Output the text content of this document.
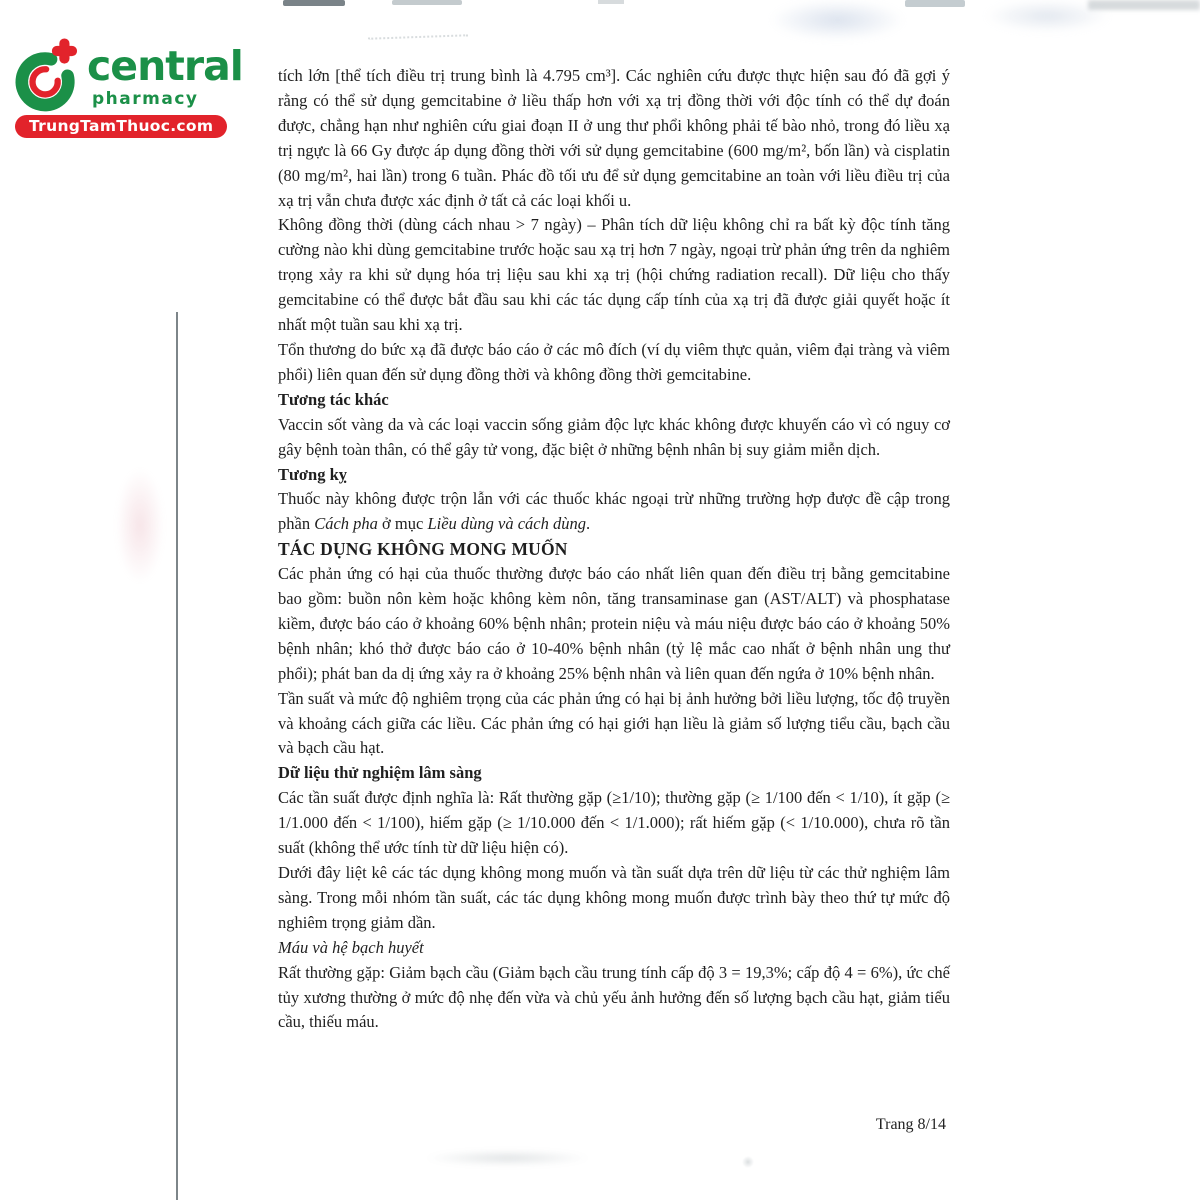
central
pharmacy
TrungTamThuoc.com

tích lớn [thể tích điều trị trung bình là 4.795 cm³]. Các nghiên cứu được thực hiện sau đó đã gợi ý rằng có thể sử dụng gemcitabine ở liều thấp hơn với xạ trị đồng thời với độc tính có thể dự đoán được, chẳng hạn như nghiên cứu giai đoạn II ở ung thư phổi không phải tế bào nhỏ, trong đó liều xạ trị ngực là 66 Gy được áp dụng đồng thời với sử dụng gemcitabine (600 mg/m², bốn lần) và cisplatin (80 mg/m², hai lần) trong 6 tuần. Phác đồ tối ưu để sử dụng gemcitabine an toàn với liều điều trị của xạ trị vẫn chưa được xác định ở tất cả các loại khối u.

Không đồng thời (dùng cách nhau > 7 ngày) – Phân tích dữ liệu không chỉ ra bất kỳ độc tính tăng cường nào khi dùng gemcitabine trước hoặc sau xạ trị hơn 7 ngày, ngoại trừ phản ứng trên da nghiêm trọng xảy ra khi sử dụng hóa trị liệu sau khi xạ trị (hội chứng radiation recall). Dữ liệu cho thấy gemcitabine có thể được bắt đầu sau khi các tác dụng cấp tính của xạ trị đã được giải quyết hoặc ít nhất một tuần sau khi xạ trị.

Tổn thương do bức xạ đã được báo cáo ở các mô đích (ví dụ viêm thực quản, viêm đại tràng và viêm phổi) liên quan đến sử dụng đồng thời và không đồng thời gemcitabine.

Tương tác khác

Vaccin sốt vàng da và các loại vaccin sống giảm độc lực khác không được khuyến cáo vì có nguy cơ gây bệnh toàn thân, có thể gây tử vong, đặc biệt ở những bệnh nhân bị suy giảm miễn dịch.

Tương kỵ

Thuốc này không được trộn lẫn với các thuốc khác ngoại trừ những trường hợp được đề cập trong phần Cách pha ở mục Liều dùng và cách dùng.

TÁC DỤNG KHÔNG MONG MUỐN

Các phản ứng có hại của thuốc thường được báo cáo nhất liên quan đến điều trị bằng gemcitabine bao gồm: buồn nôn kèm hoặc không kèm nôn, tăng transaminase gan (AST/ALT) và phosphatase kiềm, được báo cáo ở khoảng 60% bệnh nhân; protein niệu và máu niệu được báo cáo ở khoảng 50% bệnh nhân; khó thở được báo cáo ở 10-40% bệnh nhân (tỷ lệ mắc cao nhất ở bệnh nhân ung thư phổi); phát ban da dị ứng xảy ra ở khoảng 25% bệnh nhân và liên quan đến ngứa ở 10% bệnh nhân.

Tần suất và mức độ nghiêm trọng của các phản ứng có hại bị ảnh hưởng bởi liều lượng, tốc độ truyền và khoảng cách giữa các liều. Các phản ứng có hại giới hạn liều là giảm số lượng tiểu cầu, bạch cầu và bạch cầu hạt.

Dữ liệu thử nghiệm lâm sàng

Các tần suất được định nghĩa là: Rất thường gặp (≥1/10); thường gặp (≥ 1/100 đến < 1/10), ít gặp (≥ 1/1.000 đến < 1/100), hiếm gặp (≥ 1/10.000 đến < 1/1.000); rất hiếm gặp (< 1/10.000), chưa rõ tần suất (không thể ước tính từ dữ liệu hiện có).

Dưới đây liệt kê các tác dụng không mong muốn và tần suất dựa trên dữ liệu từ các thử nghiệm lâm sàng. Trong mỗi nhóm tần suất, các tác dụng không mong muốn được trình bày theo thứ tự mức độ nghiêm trọng giảm dần.

Máu và hệ bạch huyết

Rất thường gặp: Giảm bạch cầu (Giảm bạch cầu trung tính cấp độ 3 = 19,3%; cấp độ 4 = 6%), ức chế tủy xương thường ở mức độ nhẹ đến vừa và chủ yếu ảnh hưởng đến số lượng bạch cầu hạt, giảm tiểu cầu, thiếu máu.

Trang 8/14
